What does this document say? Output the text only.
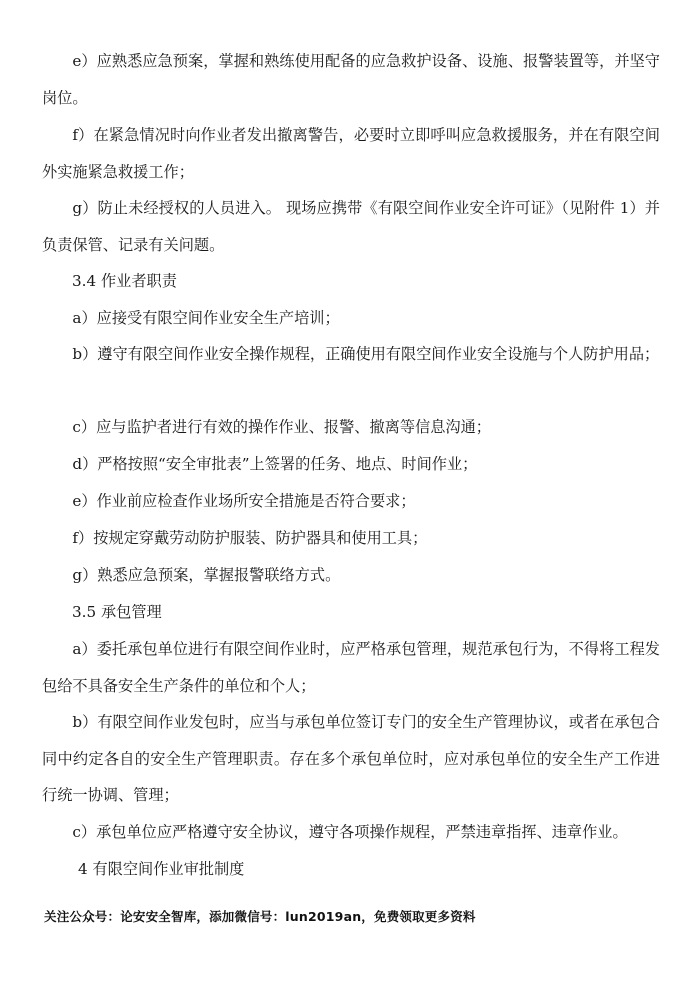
e）应熟悉应急预案，掌握和熟练使用配备的应急救护设备、设施、报警装置等，并坚守岗位。

f）在紧急情况时向作业者发出撤离警告，必要时立即呼叫应急救援服务，并在有限空间外实施紧急救援工作；

g）防止未经授权的人员进入。 现场应携带《有限空间作业安全许可证》（见附件 1）并负责保管、记录有关问题。

3.4 作业者职责

a）应接受有限空间作业安全生产培训；

b）遵守有限空间作业安全操作规程，正确使用有限空间作业安全设施与个人防护用品；

c）应与监护者进行有效的操作作业、报警、撤离等信息沟通；

d）严格按照“安全审批表”上签署的任务、地点、时间作业；

e）作业前应检查作业场所安全措施是否符合要求；

f）按规定穿戴劳动防护服装、防护器具和使用工具；

g）熟悉应急预案，掌握报警联络方式。

3.5 承包管理

a）委托承包单位进行有限空间作业时，应严格承包管理，规范承包行为，不得将工程发包给不具备安全生产条件的单位和个人；

b）有限空间作业发包时，应当与承包单位签订专门的安全生产管理协议，或者在承包合同中约定各自的安全生产管理职责。存在多个承包单位时，应对承包单位的安全生产工作进行统一协调、管理；

c）承包单位应严格遵守安全协议，遵守各项操作规程，严禁违章指挥、违章作业。

4 有限空间作业审批制度

关注公众号：论安安全智库，添加微信号：lun2019an，免费领取更多资料
